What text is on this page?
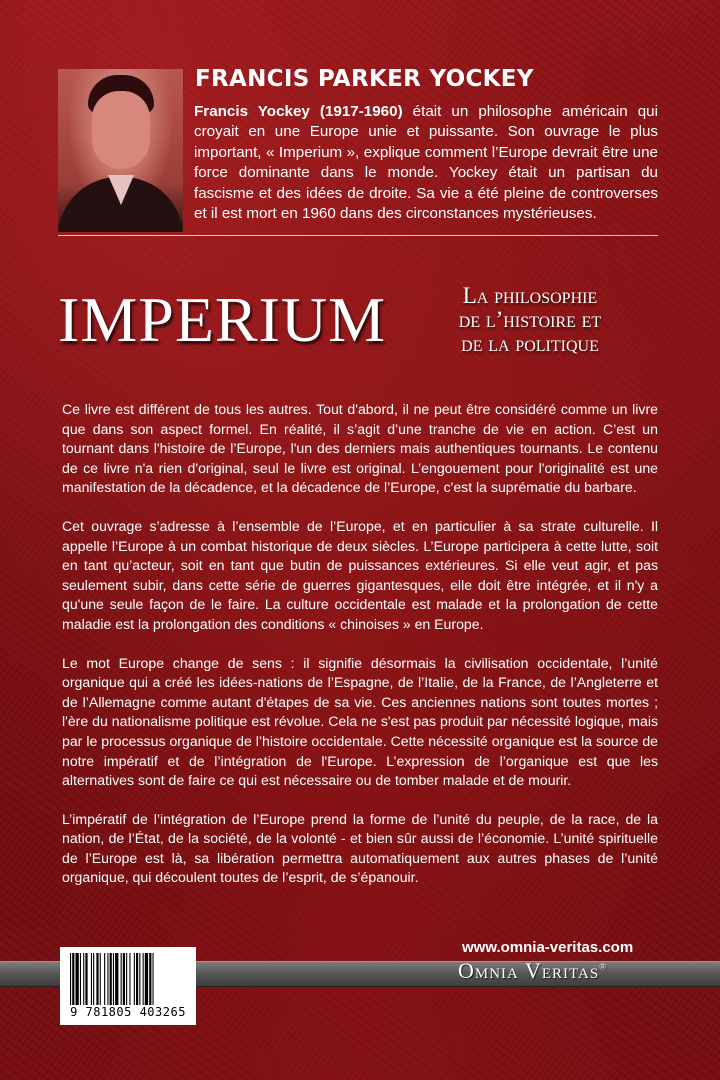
FRANCIS PARKER YOCKEY

Francis Yockey (1917-1960) était un philosophe américain qui croyait en une Europe unie et puissante. Son ouvrage le plus important, « Imperium », explique comment l’Europe devrait être une force dominante dans le monde. Yockey était un partisan du fascisme et des idées de droite. Sa vie a été pleine de controverses et il est mort en 1960 dans des circonstances mystérieuses.

IMPERIUM	La philosophie
de l’histoire et
de la politique

Ce livre est différent de tous les autres. Tout d'abord, il ne peut être considéré comme un livre que dans son aspect formel. En réalité, il s’agit d’une tranche de vie en action. C’est un tournant dans l'histoire de l’Europe, l'un des derniers mais authentiques tournants. Le contenu de ce livre n'a rien d'original, seul le livre est original. L’engouement pour l'originalité est une manifestation de la décadence, et la décadence de l’Europe, c'est la suprématie du barbare.

Cet ouvrage s’adresse à l’ensemble de l’Europe, et en particulier à sa strate culturelle. Il appelle l’Europe à un combat historique de deux siècles. L’Europe participera à cette lutte, soit en tant qu’acteur, soit en tant que butin de puissances extérieures. Si elle veut agir, et pas seulement subir, dans cette série de guerres gigantesques, elle doit être intégrée, et il n'y a qu'une seule façon de le faire. La culture occidentale est malade et la prolongation de cette maladie est la prolongation des conditions « chinoises » en Europe.

Le mot Europe change de sens : il signifie désormais la civilisation occidentale, l’unité organique qui a créé les idées-nations de l’Espagne, de l’Italie, de la France, de l’Angleterre et de l’Allemagne comme autant d'étapes de sa vie. Ces anciennes nations sont toutes mortes ; l'ère du nationalisme politique est révolue. Cela ne s'est pas produit par nécessité logique, mais par le processus organique de l’histoire occidentale. Cette nécessité organique est la source de notre impératif et de l’intégration de l'Europe. L’expression de l’organique est que les alternatives sont de faire ce qui est nécessaire ou de tomber malade et de mourir.

L’impératif de l’intégration de l’Europe prend la forme de l’unité du peuple, de la race, de la nation, de l’État, de la société, de la volonté - et bien sûr aussi de l’économie. L’unité spirituelle de l’Europe est là, sa libération permettra automatiquement aux autres phases de l’unité organique, qui découlent toutes de l’esprit, de s’épanouir.

www.omnia-veritas.com
9 781805 403265
Omnia Veritas®
